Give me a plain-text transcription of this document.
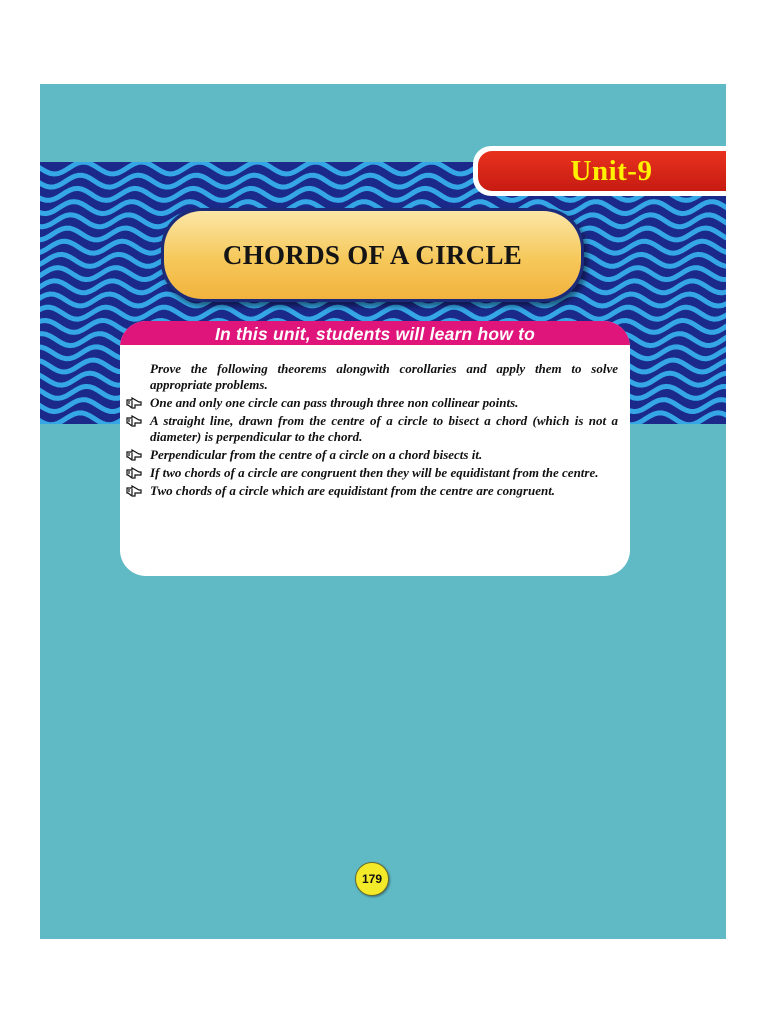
Unit-9
CHORDS OF A CIRCLE
In this unit, students will learn how to
Prove the following theorems alongwith corollaries and apply them to solve appropriate problems.
One and only one circle can pass through three non collinear points.
A straight line, drawn from the centre of a circle to bisect a chord (which is not a diameter) is perpendicular to the chord.
Perpendicular from the centre of a circle on a chord bisects it.
If two chords of a circle are congruent then they will be equidistant from the centre.
Two chords of a circle which are equidistant from the centre are congruent.
179
